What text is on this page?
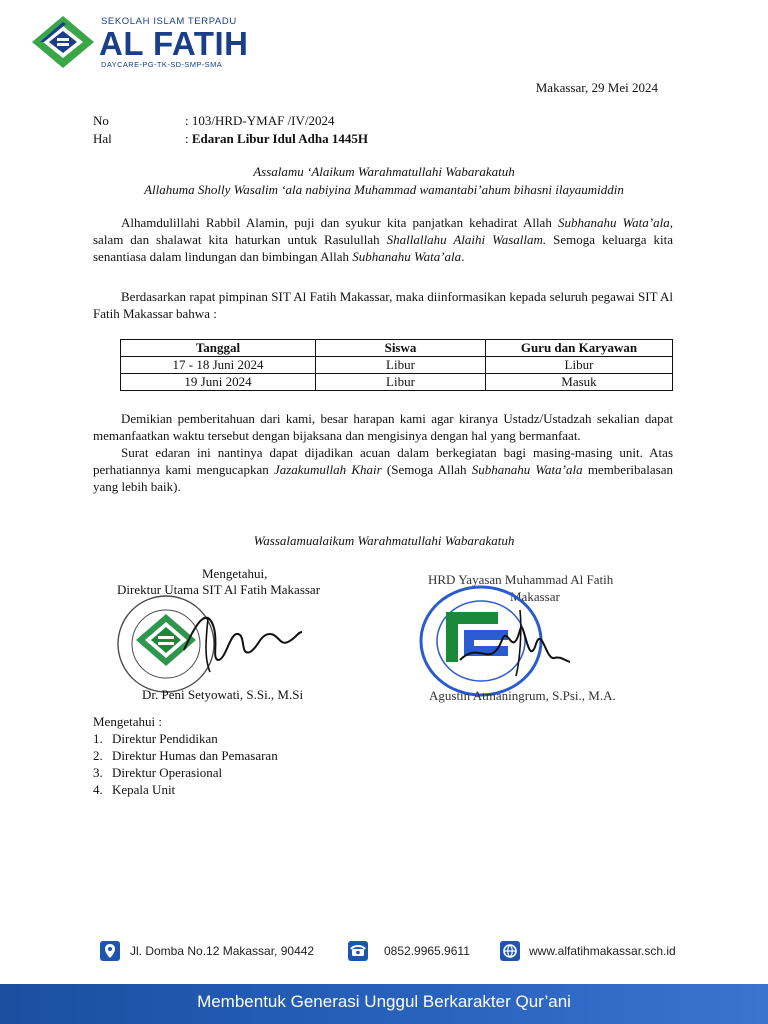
SEKOLAH ISLAM TERPADU
AL FATIH
DAYCARE-PG-TK-SD-SMP-SMA
Makassar, 29 Mei 2024
No	: 103/HRD-YMAF /IV/2024
Hal	: Edaran Libur Idul Adha 1445H
Assalamu ‘Alaikum Warahmatullahi Wabarakatuh
Allahuma Sholly Wasalim ‘ala nabiyina Muhammad wamantabi’ahum bihasni ilayaumiddin

Alhamdulillahi Rabbil Alamin, puji dan syukur kita panjatkan kehadirat Allah Subhanahu Wata’ala, salam dan shalawat kita haturkan untuk Rasulullah Shallallahu Alaihi Wasallam. Semoga keluarga kita senantiasa dalam lindungan dan bimbingan Allah Subhanahu Wata’ala.

Berdasarkan rapat pimpinan SIT Al Fatih Makassar, maka diinformasikan kepada seluruh pegawai SIT Al Fatih Makassar bahwa :

Tanggal	Siswa	Guru dan Karyawan
17 - 18 Juni 2024	Libur	Libur
19 Juni 2024	Libur	Masuk

Demikian pemberitahuan dari kami, besar harapan kami agar kiranya Ustadz/Ustadzah sekalian dapat memanfaatkan waktu tersebut dengan bijaksana dan mengisinya dengan hal yang bermanfaat.

Surat edaran ini nantinya dapat dijadikan acuan dalam berkegiatan bagi masing-masing unit. Atas perhatiannya kami mengucapkan Jazakumullah Khair (Semoga Allah Subhanahu Wata’ala memberibalasan yang lebih baik).

Wassalamualaikum Warahmatullahi Wabarakatuh
Mengetahui,
Direktur Utama SIT Al Fatih Makassar
Dr. Peni Setyowati, S.Si., M.Si
HRD Yayasan Muhammad Al Fatih
Makassar
Agustin Atmaningrum, S.Psi., M.A.
Mengetahui :
1. Direktur Pendidikan
2. Direktur Humas dan Pemasaran
3. Direktur Operasional
4. Kepala Unit
Jl. Domba No.12 Makassar, 90442	0852.9965.9611	www.alfatihmakassar.sch.id
Membentuk Generasi Unggul Berkarakter Qur’ani
